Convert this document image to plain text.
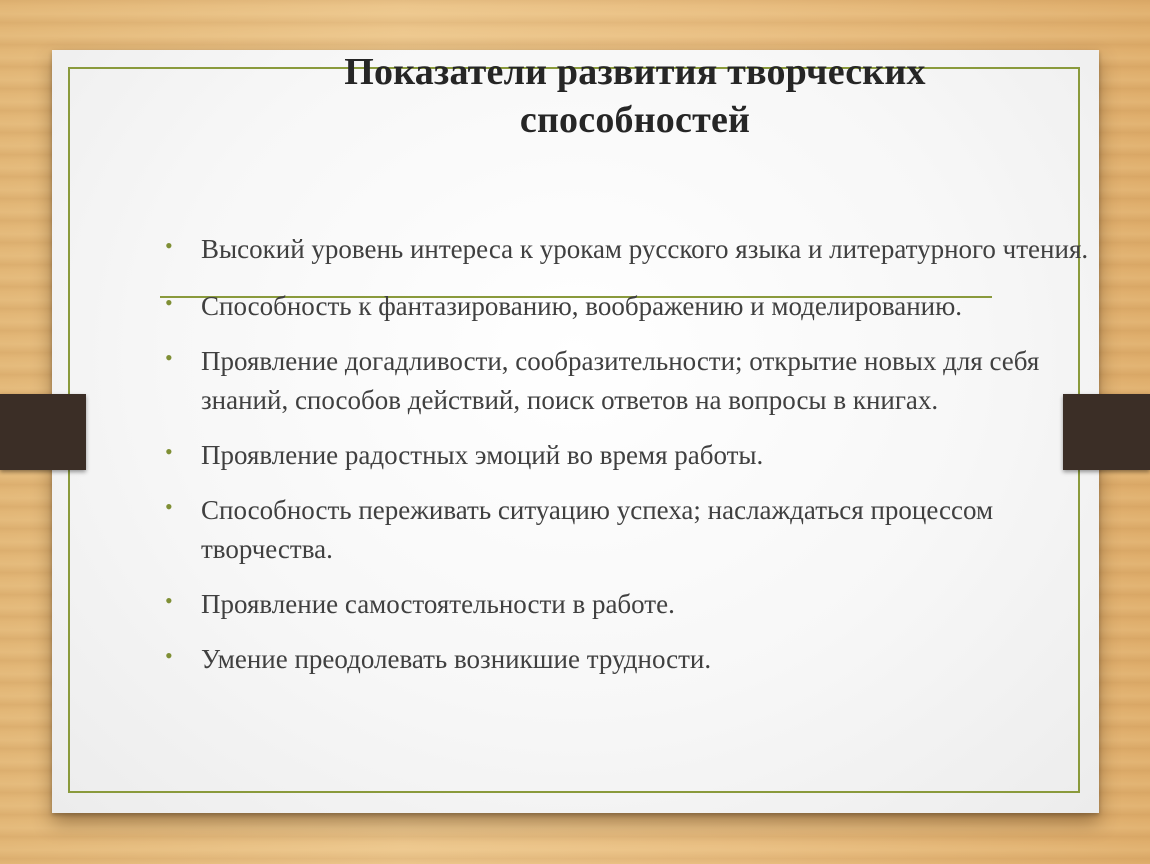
Показатели развития творческих
способностей
• Высокий уровень интереса к урокам русского языка и литературного чтения.
• Способность к фантазированию, воображению и моделированию.
• Проявление догадливости, сообразительности; открытие новых для себя знаний, способов действий, поиск ответов на вопросы в книгах.
• Проявление радостных эмоций во время работы.
• Способность переживать ситуацию успеха; наслаждаться процессом творчества.
• Проявление самостоятельности в работе.
• Умение преодолевать возникшие трудности.
